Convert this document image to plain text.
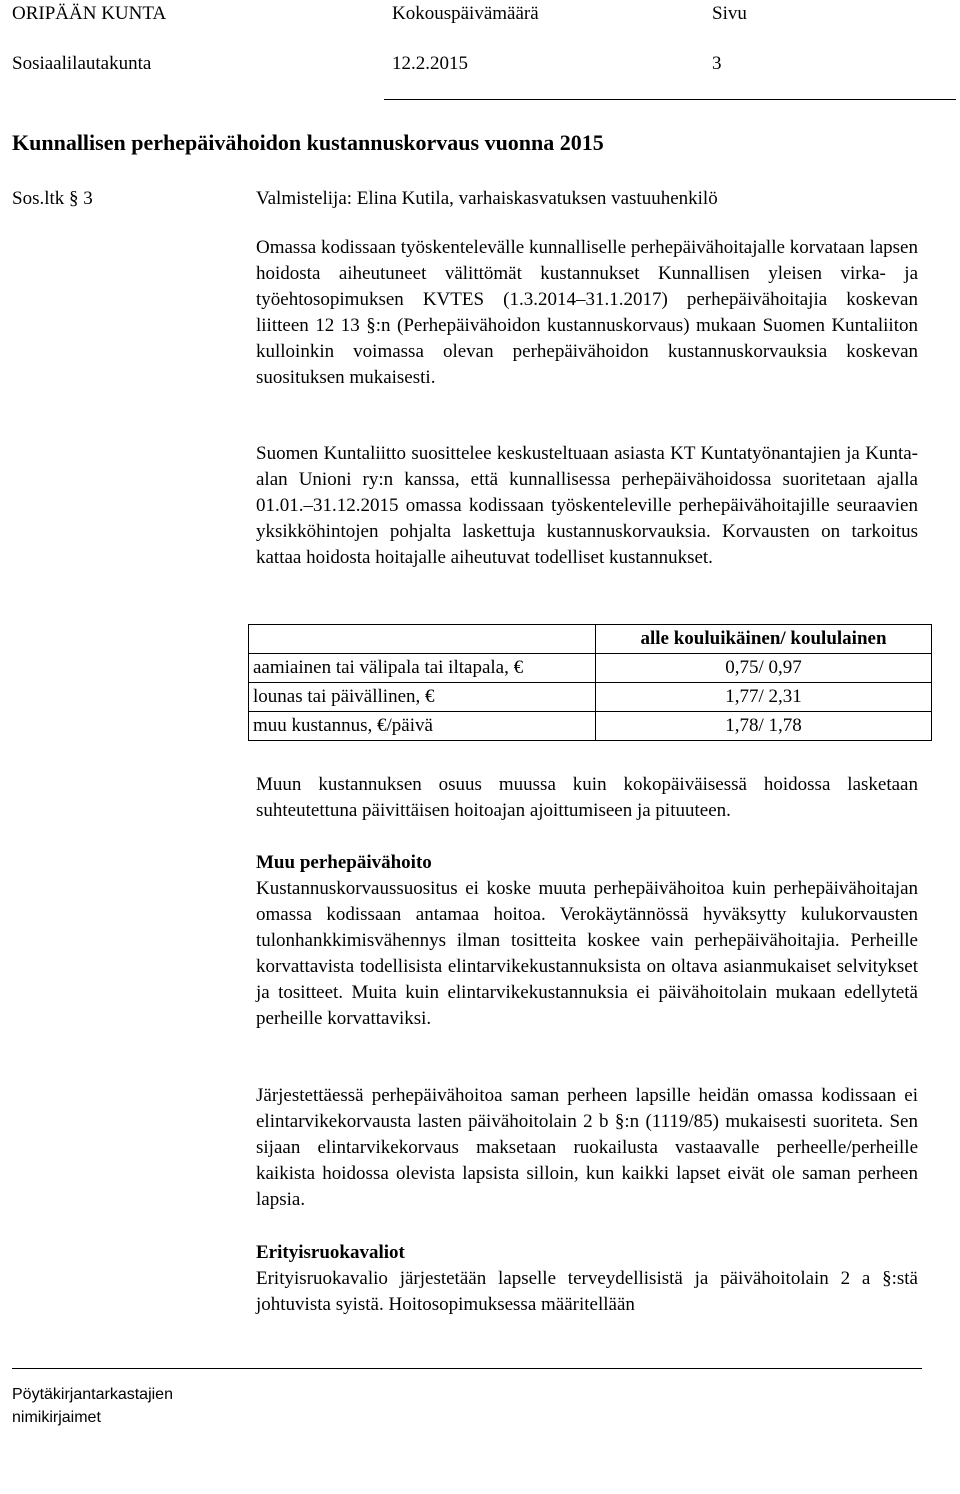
ORIPÄÄN KUNTA	Kokouspäivämäärä	Sivu
Sosiaalilautakunta	12.2.2015	3
Kunnallisen perhepäivähoidon kustannuskorvaus vuonna 2015
Sos.ltk § 3	Valmistelija: Elina Kutila, varhaiskasvatuksen vastuuhenkilö

Omassa kodissaan työskentelevälle kunnalliselle perhepäivähoitajalle korvataan lapsen hoidosta aiheutuneet välittömät kustannukset Kunnallisen yleisen virka- ja työehtosopimuksen KVTES (1.3.2014–31.1.2017) perhepäivähoitajia koskevan liitteen 12 13 §:n (Perhepäivähoidon kustannuskorvaus) mukaan Suomen Kuntaliiton kulloinkin voimassa olevan perhepäivähoidon kustannuskorvauksia koskevan suosituksen mukaisesti.

Suomen Kuntaliitto suosittelee keskusteltuaan asiasta KT Kuntatyönantajien ja Kunta-alan Unioni ry:n kanssa, että kunnallisessa perhepäivähoidossa suoritetaan ajalla 01.01.–31.12.2015 omassa kodissaan työskenteleville perhepäivähoitajille seuraavien yksikköhintojen pohjalta laskettuja kustannuskorvauksia. Korvausten on tarkoitus kattaa hoidosta hoitajalle aiheutuvat todelliset kustannukset.

	alle kouluikäinen/ koululainen
aamiainen tai välipala tai iltapala, €	0,75/ 0,97
lounas tai päivällinen, €	1,77/ 2,31
muu kustannus, €/päivä	1,78/ 1,78

Muun kustannuksen osuus muussa kuin kokopäiväisessä hoidossa lasketaan suhteutettuna päivittäisen hoitoajan ajoittumiseen ja pituuteen.

Muu perhepäivähoito

Kustannuskorvaussuositus ei koske muuta perhepäivähoitoa kuin perhepäivähoitajan omassa kodissaan antamaa hoitoa. Verokäytännössä hyväksytty kulukorvausten tulonhankkimisvähennys ilman tositteita koskee vain perhepäivähoitajia. Perheille korvattavista todellisista elintarvikekustannuksista on oltava asianmukaiset selvitykset ja tositteet. Muita kuin elintarvikekustannuksia ei päivähoitolain mukaan edellytetä perheille korvattaviksi.

Järjestettäessä perhepäivähoitoa saman perheen lapsille heidän omassa kodissaan ei elintarvikekorvausta lasten päivähoitolain 2 b §:n (1119/85) mukaisesti suoriteta. Sen sijaan elintarvikekorvaus maksetaan ruokailusta vastaavalle perheelle/perheille kaikista hoidossa olevista lapsista silloin, kun kaikki lapset eivät ole saman perheen lapsia.

Erityisruokavaliot

Erityisruokavalio järjestetään lapselle terveydellisistä ja päivähoitolain 2 a §:stä johtuvista syistä. Hoitosopimuksessa määritellään

Pöytäkirjantarkastajien
nimikirjaimet
